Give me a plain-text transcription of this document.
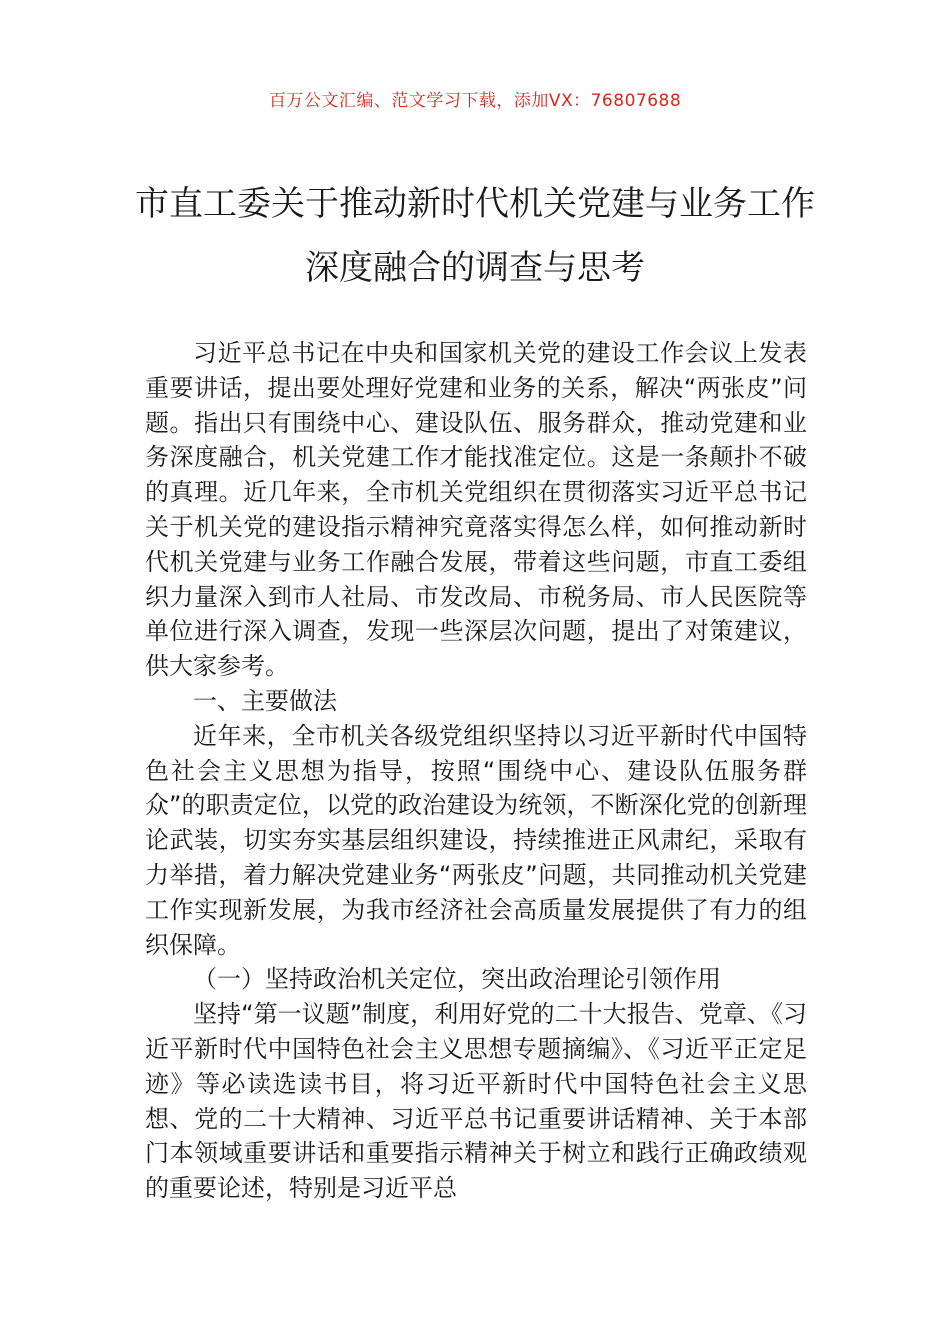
百万公文汇编、范文学习下载，添加VX：76807688
市直工委关于推动新时代机关党建与业务工作深度融合的调查与思考

习近平总书记在中央和国家机关党的建设工作会议上发表重要讲话，提出要处理好党建和业务的关系，解决“两张皮”问题。指出只有围绕中心、建设队伍、服务群众，推动党建和业务深度融合，机关党建工作才能找准定位。这是一条颠扑不破的真理。近几年来，全市机关党组织在贯彻落实习近平总书记关于机关党的建设指示精神究竟落实得怎么样，如何推动新时代机关党建与业务工作融合发展，带着这些问题，市直工委组织力量深入到市人社局、市发改局、市税务局、市人民医院等单位进行深入调查，发现一些深层次问题，提出了对策建议，供大家参考。

一、主要做法

近年来，全市机关各级党组织坚持以习近平新时代中国特色社会主义思想为指导，按照“围绕中心、建设队伍服务群众”的职责定位，以党的政治建设为统领，不断深化党的创新理论武装，切实夯实基层组织建设，持续推进正风肃纪，采取有力举措，着力解决党建业务“两张皮”问题，共同推动机关党建工作实现新发展，为我市经济社会高质量发展提供了有力的组织保障。

（一）坚持政治机关定位，突出政治理论引领作用

坚持“第一议题”制度，利用好党的二十大报告、党章、《习近平新时代中国特色社会主义思想专题摘编》、《习近平正定足迹》等必读选读书目，将习近平新时代中国特色社会主义思想、党的二十大精神、习近平总书记重要讲话精神、关于本部门本领域重要讲话和重要指示精神关于树立和践行正确政绩观的重要论述，特别是习近平总
